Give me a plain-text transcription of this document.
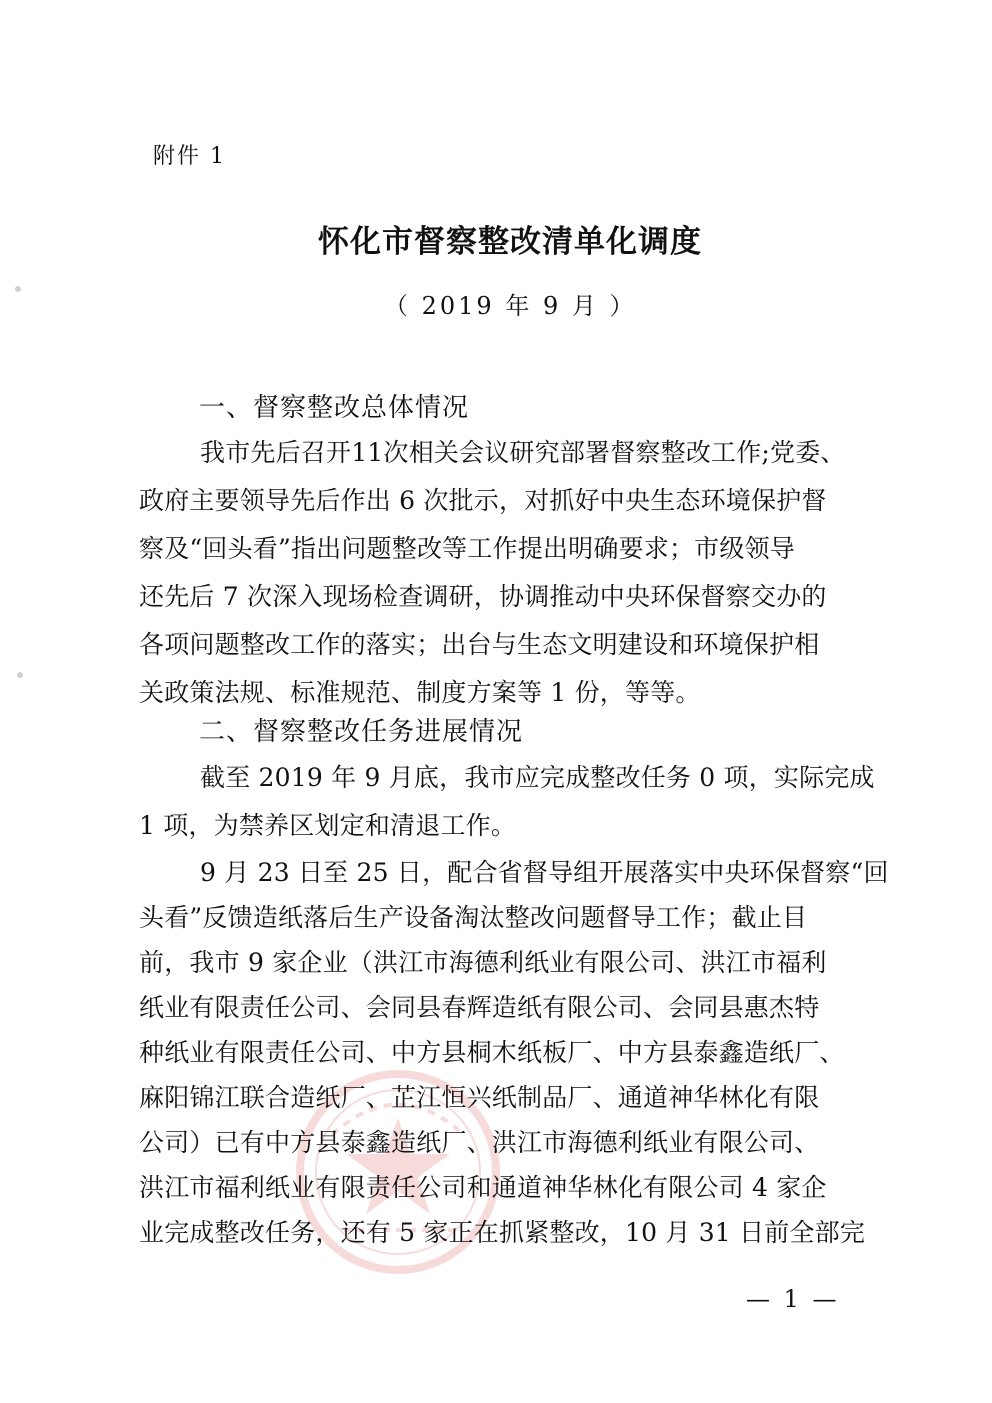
附件 1
怀化市督察整改清单化调度
（ 2019 年 9 月 ）
一、督察整改总体情况
我市先后召开11次相关会议研究部署督察整改工作;党委、
政府主要领导先后作出 6 次批示，对抓好中央生态环境保护督
察及“回头看”指出问题整改等工作提出明确要求；市级领导
还先后 7 次深入现场检查调研，协调推动中央环保督察交办的
各项问题整改工作的落实；出台与生态文明建设和环境保护相
关政策法规、标准规范、制度方案等 1 份，等等。
二、督察整改任务进展情况
截至 2019 年 9 月底，我市应完成整改任务 0 项，实际完成
1 项，为禁养区划定和清退工作。
9 月 23 日至 25 日，配合省督导组开展落实中央环保督察“回
头看”反馈造纸落后生产设备淘汰整改问题督导工作；截止目
前，我市 9 家企业（洪江市海德利纸业有限公司、洪江市福利
纸业有限责任公司、会同县春辉造纸有限公司、会同县惠杰特
种纸业有限责任公司、中方县桐木纸板厂、中方县泰鑫造纸厂、
麻阳锦江联合造纸厂、芷江恒兴纸制品厂、通道神华林化有限
公司）已有中方县泰鑫造纸厂、洪江市海德利纸业有限公司、
洪江市福利纸业有限责任公司和通道神华林化有限公司 4 家企
业完成整改任务，还有 5 家正在抓紧整改，10 月 31 日前全部完
— 1 —
